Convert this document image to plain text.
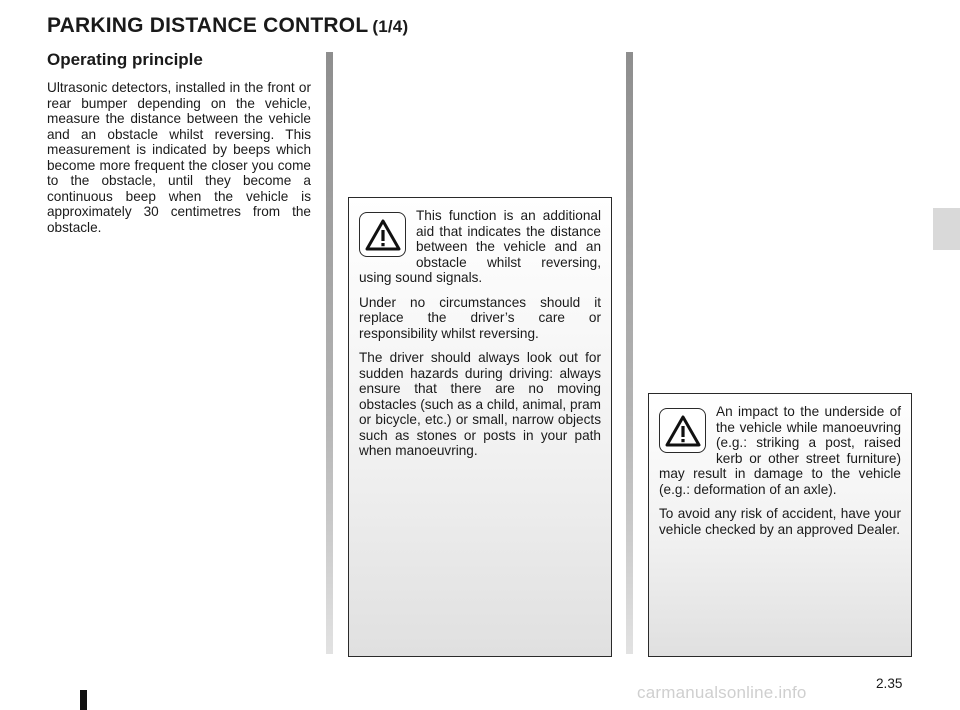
PARKING DISTANCE CONTROL (1/4)
Operating principle

Ultrasonic detectors, installed in the front or rear bumper depending on the vehicle, measure the distance between the vehicle and an obstacle whilst reversing. This measurement is indicated by beeps which become more frequent the closer you come to the obstacle, until they become a continuous beep when the vehicle is approximately 30 centimetres from the obstacle.

This function is an additional aid that indicates the distance between the vehicle and an obstacle whilst reversing, using sound signals.

Under no circumstances should it replace the driver’s care or responsibility whilst reversing.

The driver should always look out for sudden hazards during driving: always ensure that there are no moving obstacles (such as a child, animal, pram or bicycle, etc.) or small, narrow objects such as stones or posts in your path when manoeuvring.

An impact to the underside of the vehicle while manoeuvring (e.g.: striking a post, raised kerb or other street furniture) may result in damage to the vehicle (e.g.: deformation of an axle).

To avoid any risk of accident, have your vehicle checked by an approved Dealer.

2.35
carmanualsonline.info
